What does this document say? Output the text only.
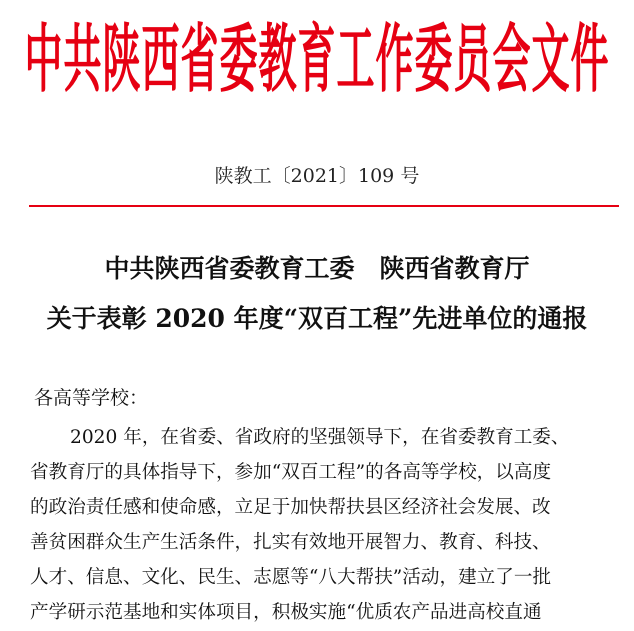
中共陕西省委教育工作委员会文件
陕教工〔2021〕109 号
中共陕西省委教育工委　陕西省教育厅
关于表彰 2020 年度“双百工程”先进单位的通报
各高等学校：
2020 年，在省委、省政府的坚强领导下，在省委教育工委、
省教育厅的具体指导下，参加“双百工程”的各高等学校，以高度
的政治责任感和使命感，立足于加快帮扶县区经济社会发展、改
善贫困群众生产生活条件，扎实有效地开展智力、教育、科技、
人才、信息、文化、民生、志愿等“八大帮扶”活动，建立了一批
产学研示范基地和实体项目，积极实施“优质农产品进高校直通
